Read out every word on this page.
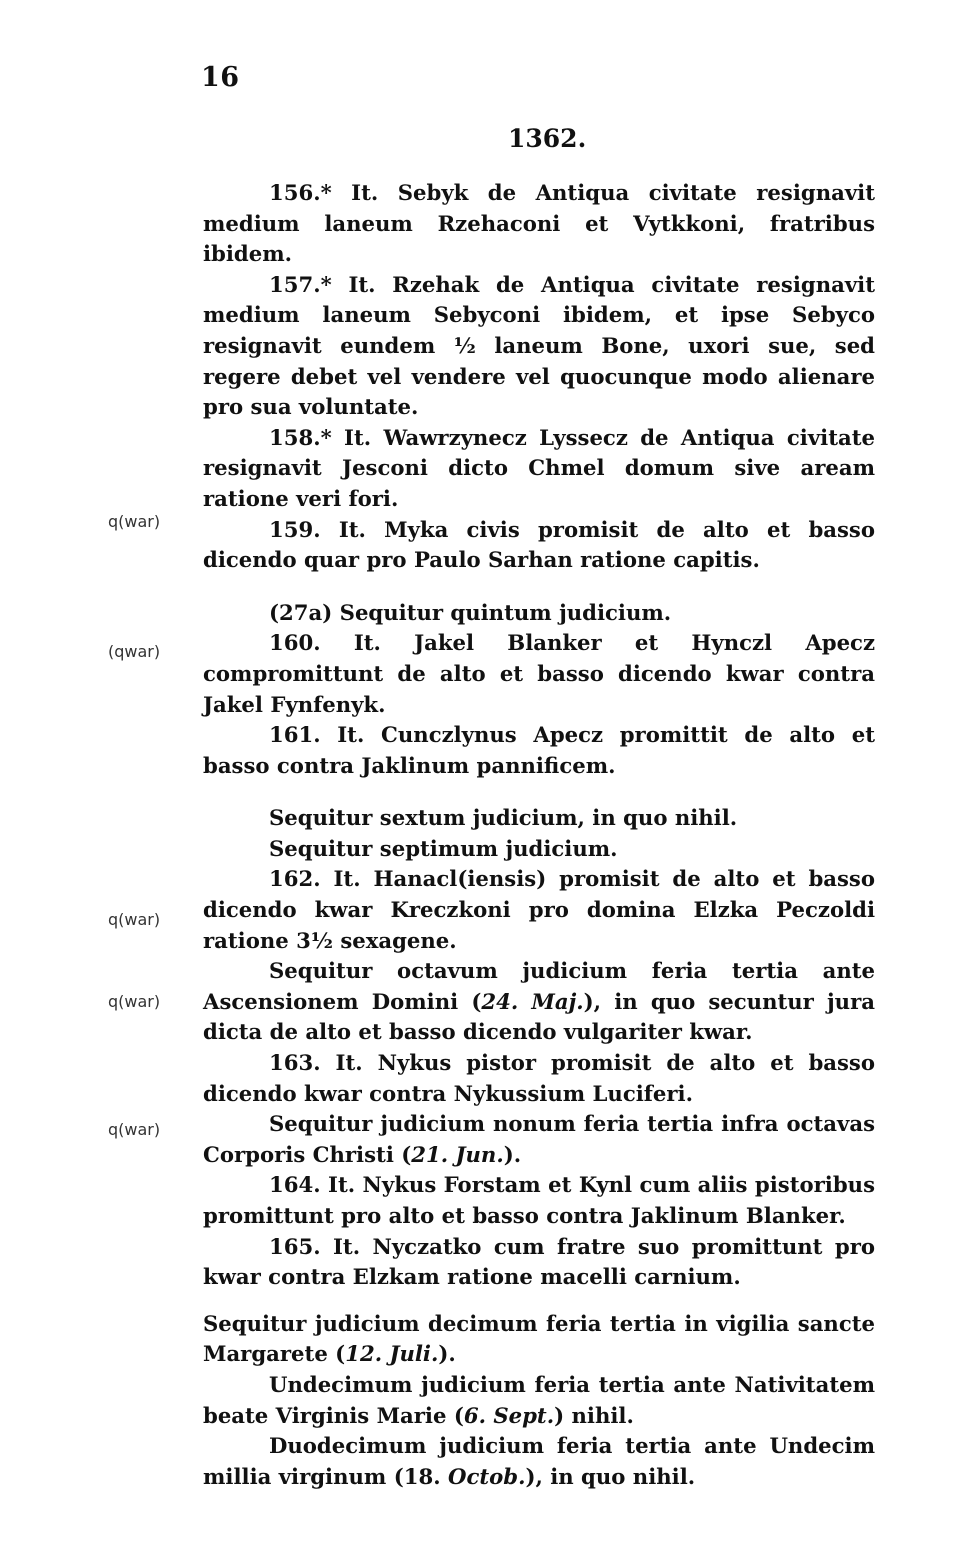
16
1362.
q(war)
(qwar)
q(war)
q(war)
q(war)

156.* It. Sebyk de Antiqua civitate resignavit medium laneum Rzehaconi et Vytkkoni, fratribus ibidem.

157.* It. Rzehak de Antiqua civitate resignavit medium laneum Sebyconi ibidem, et ipse Sebyco resignavit eundem ½ laneum Bone, uxori sue, sed regere debet vel vendere vel quocunque modo alienare pro sua voluntate.

158.* It. Wawrzynecz Lyssecz de Antiqua civitate resignavit Jesconi dicto Chmel domum sive aream ratione veri fori.

159. It. Myka civis promisit de alto et basso dicendo quar pro Paulo Sarhan ratione capitis.

(27a) Sequitur quintum judicium.

160. It. Jakel Blanker et Hynczl Apecz compromittunt de alto et basso dicendo kwar contra Jakel Fynfenyk.

161. It. Cunczlynus Apecz promittit de alto et basso contra Jaklinum pannificem.

Sequitur sextum judicium, in quo nihil.

Sequitur septimum judicium.

162. It. Hanacl(iensis) promisit de alto et basso dicendo kwar Kreczkoni pro domina Elzka Peczoldi ratione 3½ sexagene.

Sequitur octavum judicium feria tertia ante Ascensionem Domini (24. Maj.), in quo secuntur jura dicta de alto et basso dicendo vulgariter kwar.

163. It. Nykus pistor promisit de alto et basso dicendo kwar contra Nykussium Luciferi.

Sequitur judicium nonum feria tertia infra octavas Corporis Christi (21. Jun.).

164. It. Nykus Forstam et Kynl cum aliis pistoribus promittunt pro alto et basso contra Jaklinum Blanker.

165. It. Nyczatko cum fratre suo promittunt pro kwar contra Elzkam ratione macelli carnium.

Sequitur judicium decimum feria tertia in vigilia sancte Margarete (12. Juli.).

Undecimum judicium feria tertia ante Nativitatem beate Virginis Marie (6. Sept.) nihil.

Duodecimum judicium feria tertia ante Undecim millia virginum (18. Octob.), in quo nihil.
